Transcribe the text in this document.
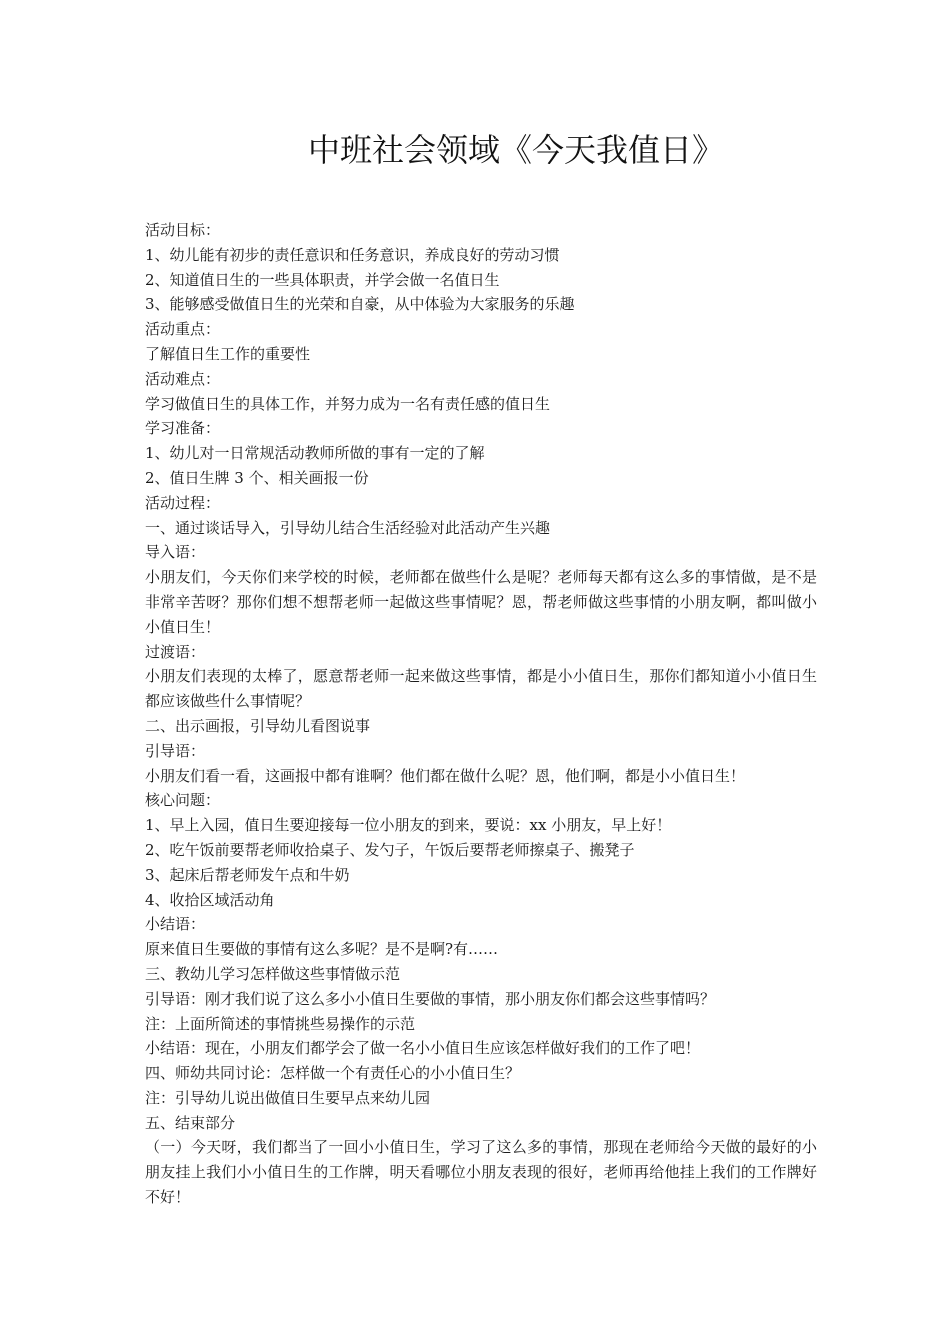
中班社会领域《今天我值日》

活动目标：

1、幼儿能有初步的责任意识和任务意识，养成良好的劳动习惯

2、知道值日生的一些具体职责，并学会做一名值日生

3、能够感受做值日生的光荣和自豪，从中体验为大家服务的乐趣

活动重点：

了解值日生工作的重要性

活动难点：

学习做值日生的具体工作，并努力成为一名有责任感的值日生

学习准备：

1、幼儿对一日常规活动教师所做的事有一定的了解

2、值日生牌 3 个、相关画报一份

活动过程：

一、通过谈话导入，引导幼儿结合生活经验对此活动产生兴趣

导入语：

小朋友们，今天你们来学校的时候，老师都在做些什么是呢？老师每天都有这么多的事情做，是不是非常辛苦呀？那你们想不想帮老师一起做这些事情呢？恩，帮老师做这些事情的小朋友啊，都叫做小小值日生！

过渡语：

小朋友们表现的太棒了，愿意帮老师一起来做这些事情，都是小小值日生，那你们都知道小小值日生都应该做些什么事情呢？

二、出示画报，引导幼儿看图说事

引导语：

小朋友们看一看，这画报中都有谁啊？他们都在做什么呢？恩，他们啊，都是小小值日生！

核心问题：

1、早上入园，值日生要迎接每一位小朋友的到来，要说：xx 小朋友，早上好！

2、吃午饭前要帮老师收拾桌子、发勺子，午饭后要帮老师擦桌子、搬凳子

3、起床后帮老师发午点和牛奶

4、收拾区域活动角

小结语：

原来值日生要做的事情有这么多呢？是不是啊?有……

三、教幼儿学习怎样做这些事情做示范

引导语：刚才我们说了这么多小小值日生要做的事情，那小朋友你们都会这些事情吗？

注：上面所简述的事情挑些易操作的示范

小结语：现在，小朋友们都学会了做一名小小值日生应该怎样做好我们的工作了吧！

四、师幼共同讨论：怎样做一个有责任心的小小值日生？

注：引导幼儿说出做值日生要早点来幼儿园

五、结束部分

（一）今天呀，我们都当了一回小小值日生，学习了这么多的事情，那现在老师给今天做的最好的小朋友挂上我们小小值日生的工作牌，明天看哪位小朋友表现的很好，老师再给他挂上我们的工作牌好不好！
